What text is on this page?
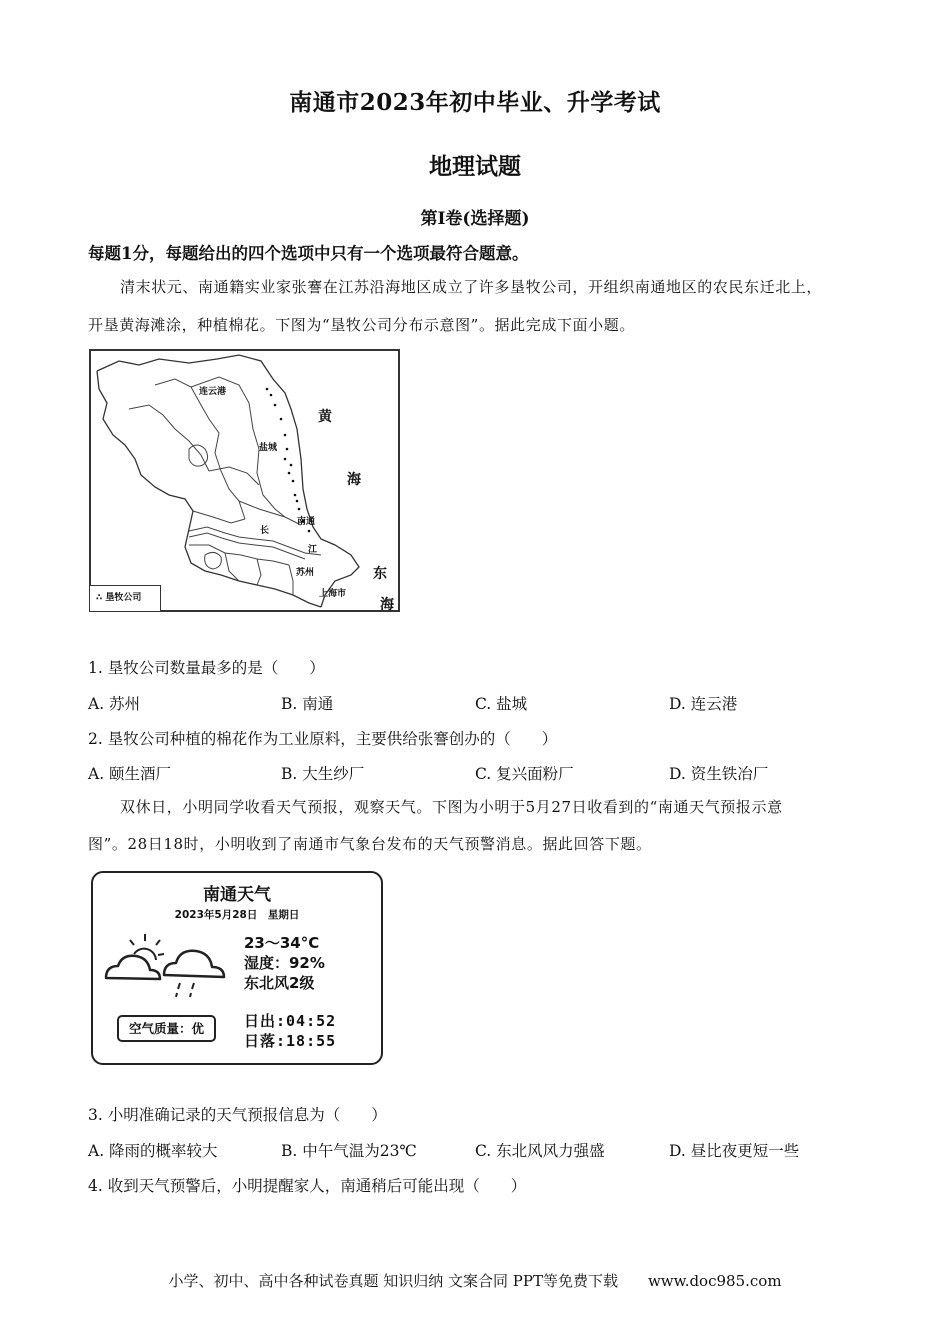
南通市2023年初中毕业、升学考试
地理试题
第Ⅰ卷(选择题)
每题1分，每题给出的四个选项中只有一个选项最符合题意。
清末状元、南通籍实业家张謇在江苏沿海地区成立了许多垦牧公司，开组织南通地区的农民东迁北上，
开垦黄海滩涂，种植棉花。下图为“垦牧公司分布示意图”。据此完成下面小题。
连云港
盐城
南通
苏州
上海市
长
江
黄
海
东
海
∴ 垦牧公司
1. 垦牧公司数量最多的是（　　）
A. 苏州	B. 南通	C. 盐城	D. 连云港
2. 垦牧公司种植的棉花作为工业原料，主要供给张謇创办的（　　）
A. 颐生酒厂	B. 大生纱厂	C. 复兴面粉厂	D. 资生铁冶厂
双休日，小明同学收看天气预报，观察天气。下图为小明于5月27日收看到的“南通天气预报示意
图”。28日18时，小明收到了南通市气象台发布的天气预警消息。据此回答下题。
南通天气
2023年5月28日　星期日
23～34°C
湿度：92%
东北风2级
空气质量：优	日出:04:52
日落:18:55
3. 小明准确记录的天气预报信息为（　　）
A. 降雨的概率较大	B. 中午气温为23℃	C. 东北风风力强盛	D. 昼比夜更短一些
4. 收到天气预警后，小明提醒家人，南通稍后可能出现（　　）
小学、初中、高中各种试卷真题 知识归纳 文案合同 PPT等免费下载　　www.doc985.com
